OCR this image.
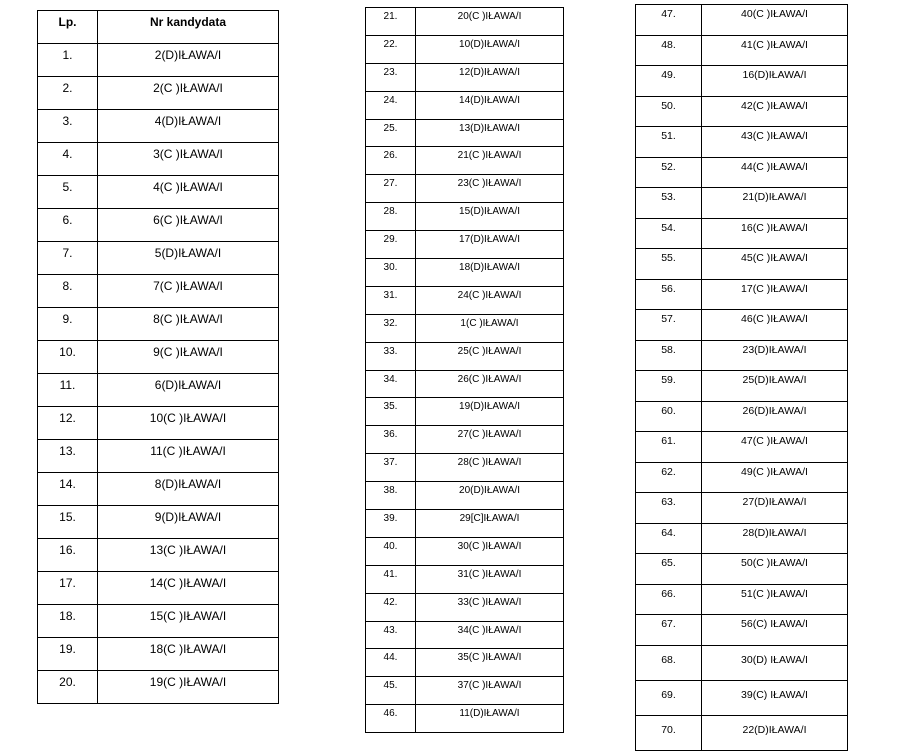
Lp.	Nr kandydata
1.	2(D)IŁAWA/I
2.	2(C )IŁAWA/I
3.	4(D)IŁAWA/I
4.	3(C )IŁAWA/I
5.	4(C )IŁAWA/I
6.	6(C )IŁAWA/I
7.	5(D)IŁAWA/I
8.	7(C )IŁAWA/I
9.	8(C )IŁAWA/I
10.	9(C )IŁAWA/I
11.	6(D)IŁAWA/I
12.	10(C )IŁAWA/I
13.	11(C )IŁAWA/I
14.	8(D)IŁAWA/I
15.	9(D)IŁAWA/I
16.	13(C )IŁAWA/I
17.	14(C )IŁAWA/I
18.	15(C )IŁAWA/I
19.	18(C )IŁAWA/I
20.	19(C )IŁAWA/I
21.	20(C )IŁAWA/I
22.	10(D)IŁAWA/I
23.	12(D)IŁAWA/I
24.	14(D)IŁAWA/I
25.	13(D)IŁAWA/I
26.	21(C )IŁAWA/I
27.	23(C )IŁAWA/I
28.	15(D)IŁAWA/I
29.	17(D)IŁAWA/I
30.	18(D)IŁAWA/I
31.	24(C )IŁAWA/I
32.	1(C )IŁAWA/I
33.	25(C )IŁAWA/I
34.	26(C )IŁAWA/I
35.	19(D)IŁAWA/I
36.	27(C )IŁAWA/I
37.	28(C )IŁAWA/I
38.	20(D)IŁAWA/I
39.	29[C]IŁAWA/I
40.	30(C )IŁAWA/I
41.	31(C )IŁAWA/I
42.	33(C )IŁAWA/I
43.	34(C )IŁAWA/I
44.	35(C )IŁAWA/I
45.	37(C )IŁAWA/I
46.	11(D)IŁAWA/I
47.	40(C )IŁAWA/I
48.	41(C )IŁAWA/I
49.	16(D)IŁAWA/I
50.	42(C )IŁAWA/I
51.	43(C )IŁAWA/I
52.	44(C )IŁAWA/I
53.	21(D)IŁAWA/I
54.	16(C )IŁAWA/I
55.	45(C )IŁAWA/I
56.	17(C )IŁAWA/I
57.	46(C )IŁAWA/I
58.	23(D)IŁAWA/I
59.	25(D)IŁAWA/I
60.	26(D)IŁAWA/I
61.	47(C )IŁAWA/I
62.	49(C )IŁAWA/I
63.	27(D)IŁAWA/I
64.	28(D)IŁAWA/I
65.	50(C )IŁAWA/I
66.	51(C )IŁAWA/I
67.	56(C) IŁAWA/I
68.	30(D) IŁAWA/I
69.	39(C) IŁAWA/I
70.	22(D)IŁAWA/I
